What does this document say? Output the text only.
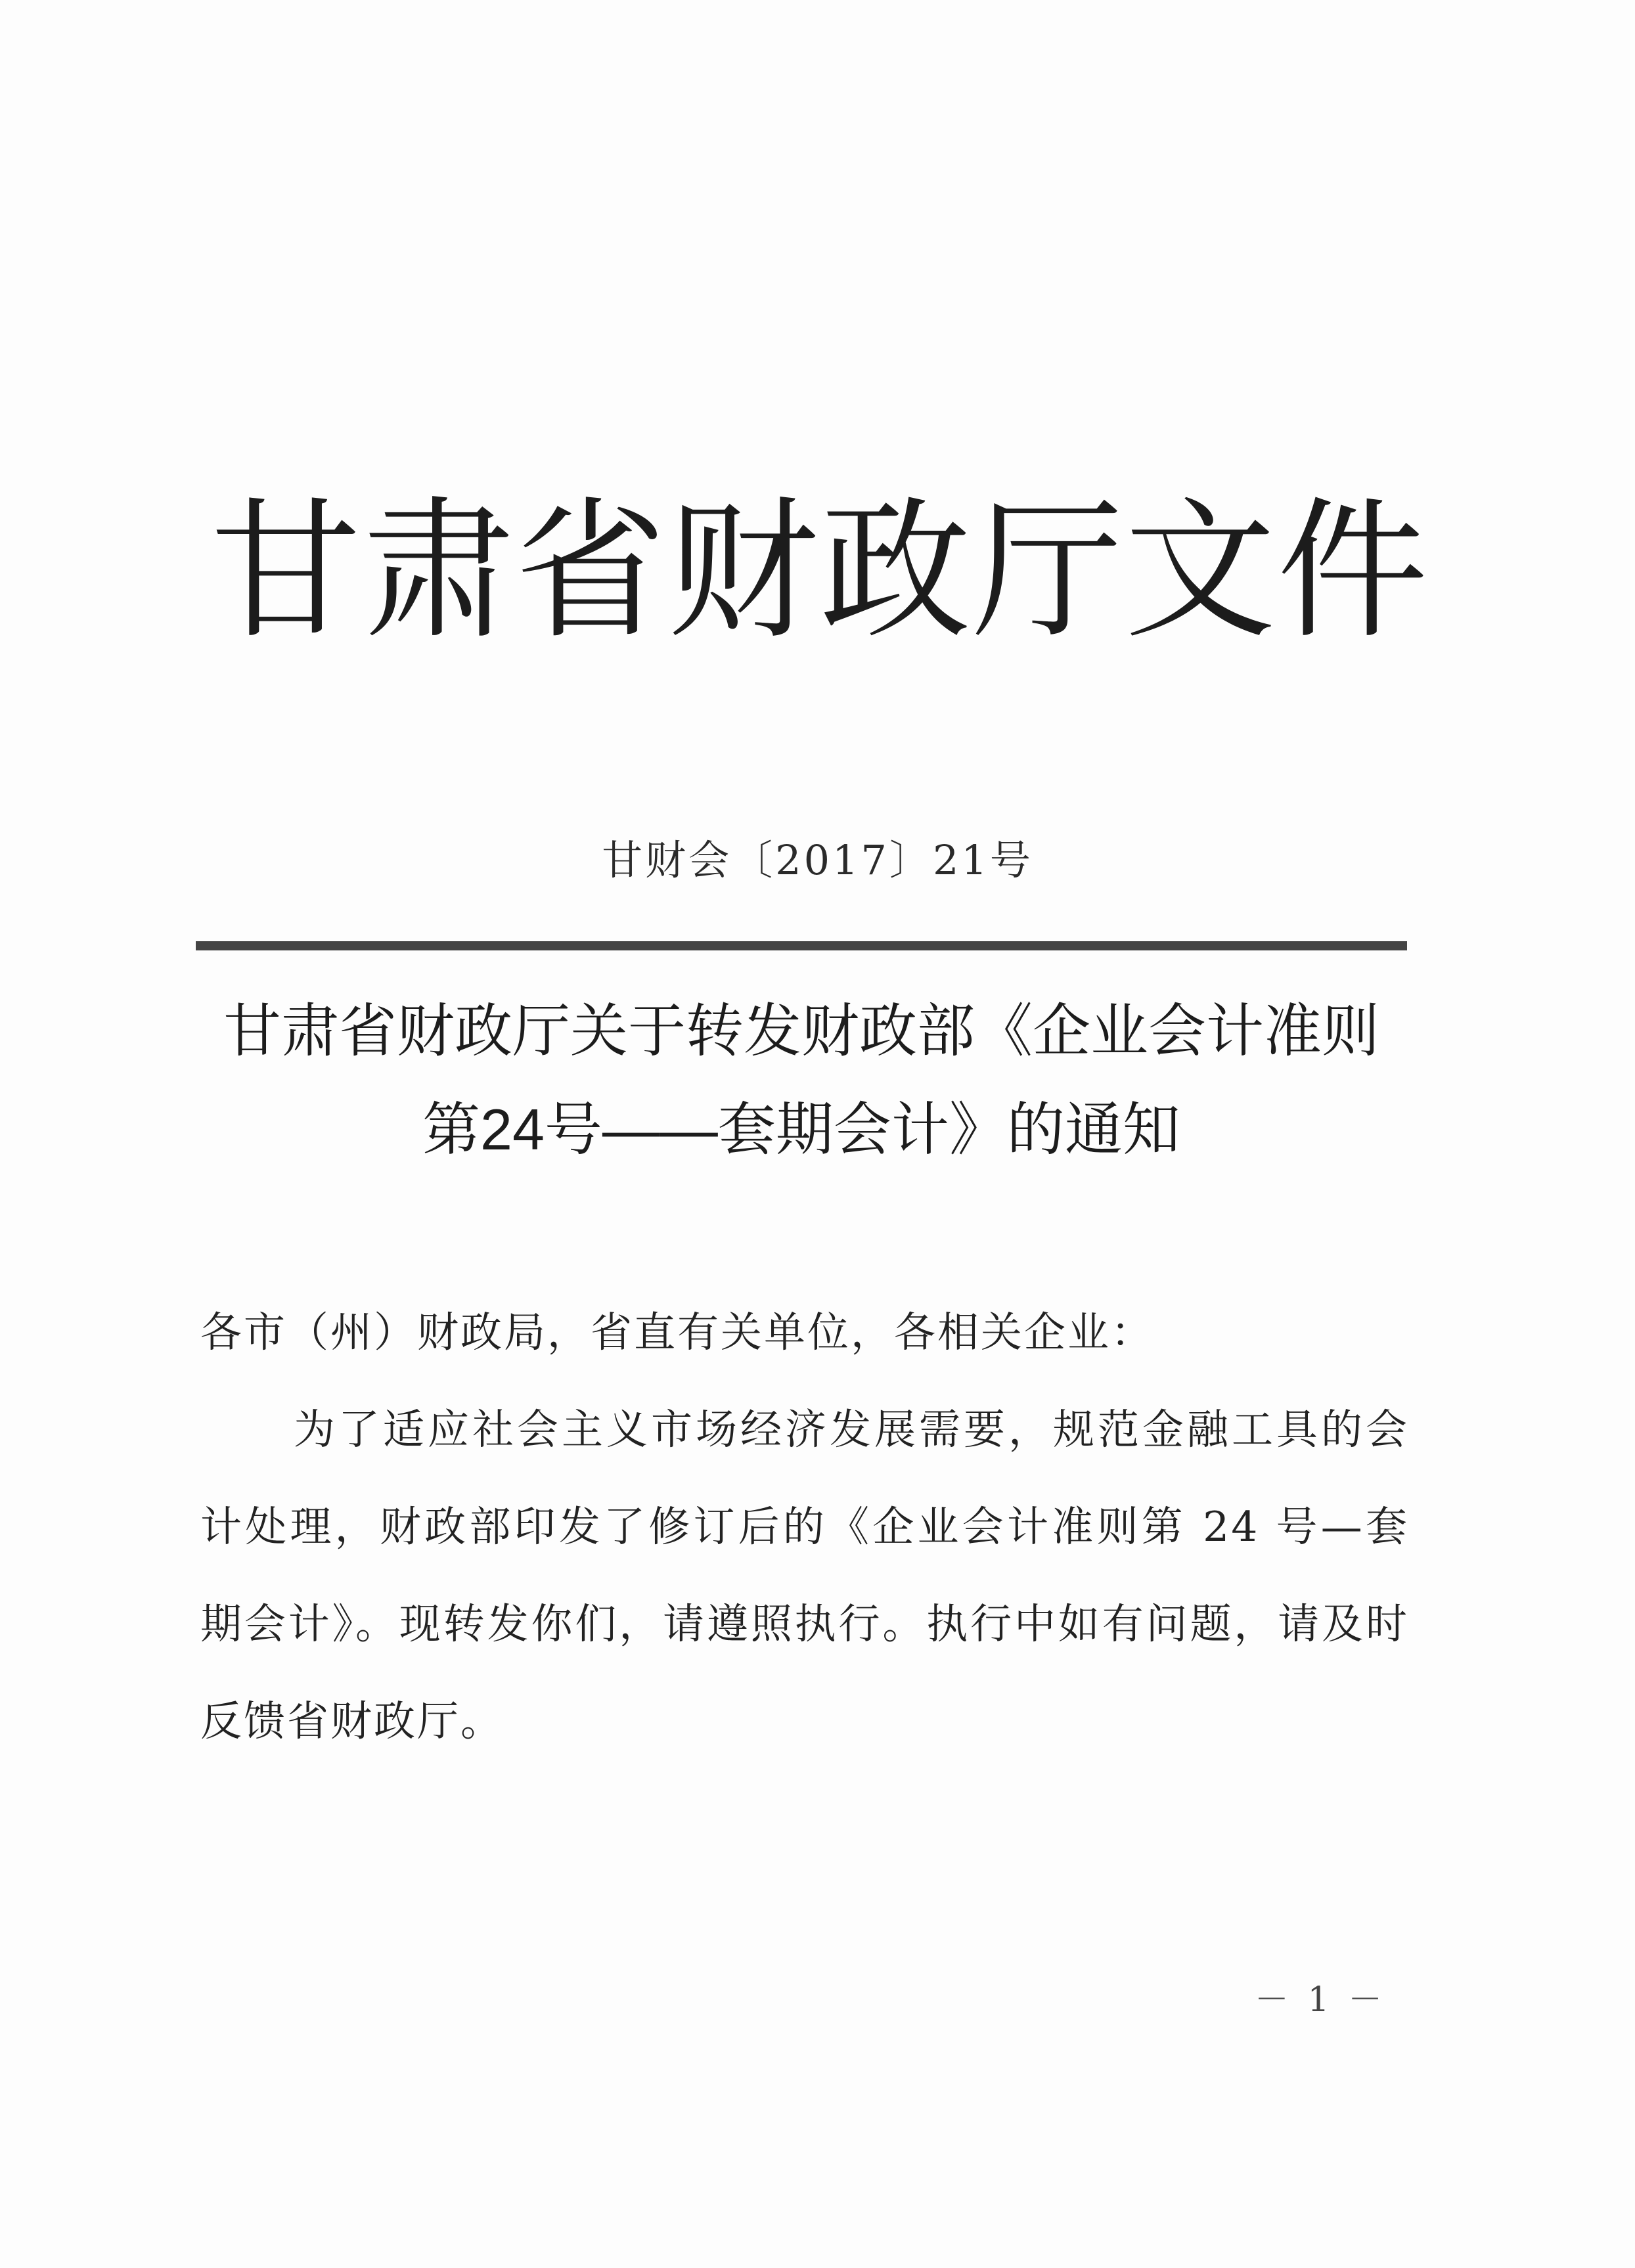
甘肃省财政厅文件
甘财会〔2017〕21号
甘肃省财政厅关于转发财政部《企业会计准则
第24号——套期会计》的通知

各市（州）财政局，省直有关单位，各相关企业：

为了适应社会主义市场经济发展需要，规范金融工具的会计处理，财政部印发了修订后的《企业会计准则第 24 号—套期会计》。现转发你们，请遵照执行。执行中如有问题，请及时反馈省财政厅。

－ 1 －
